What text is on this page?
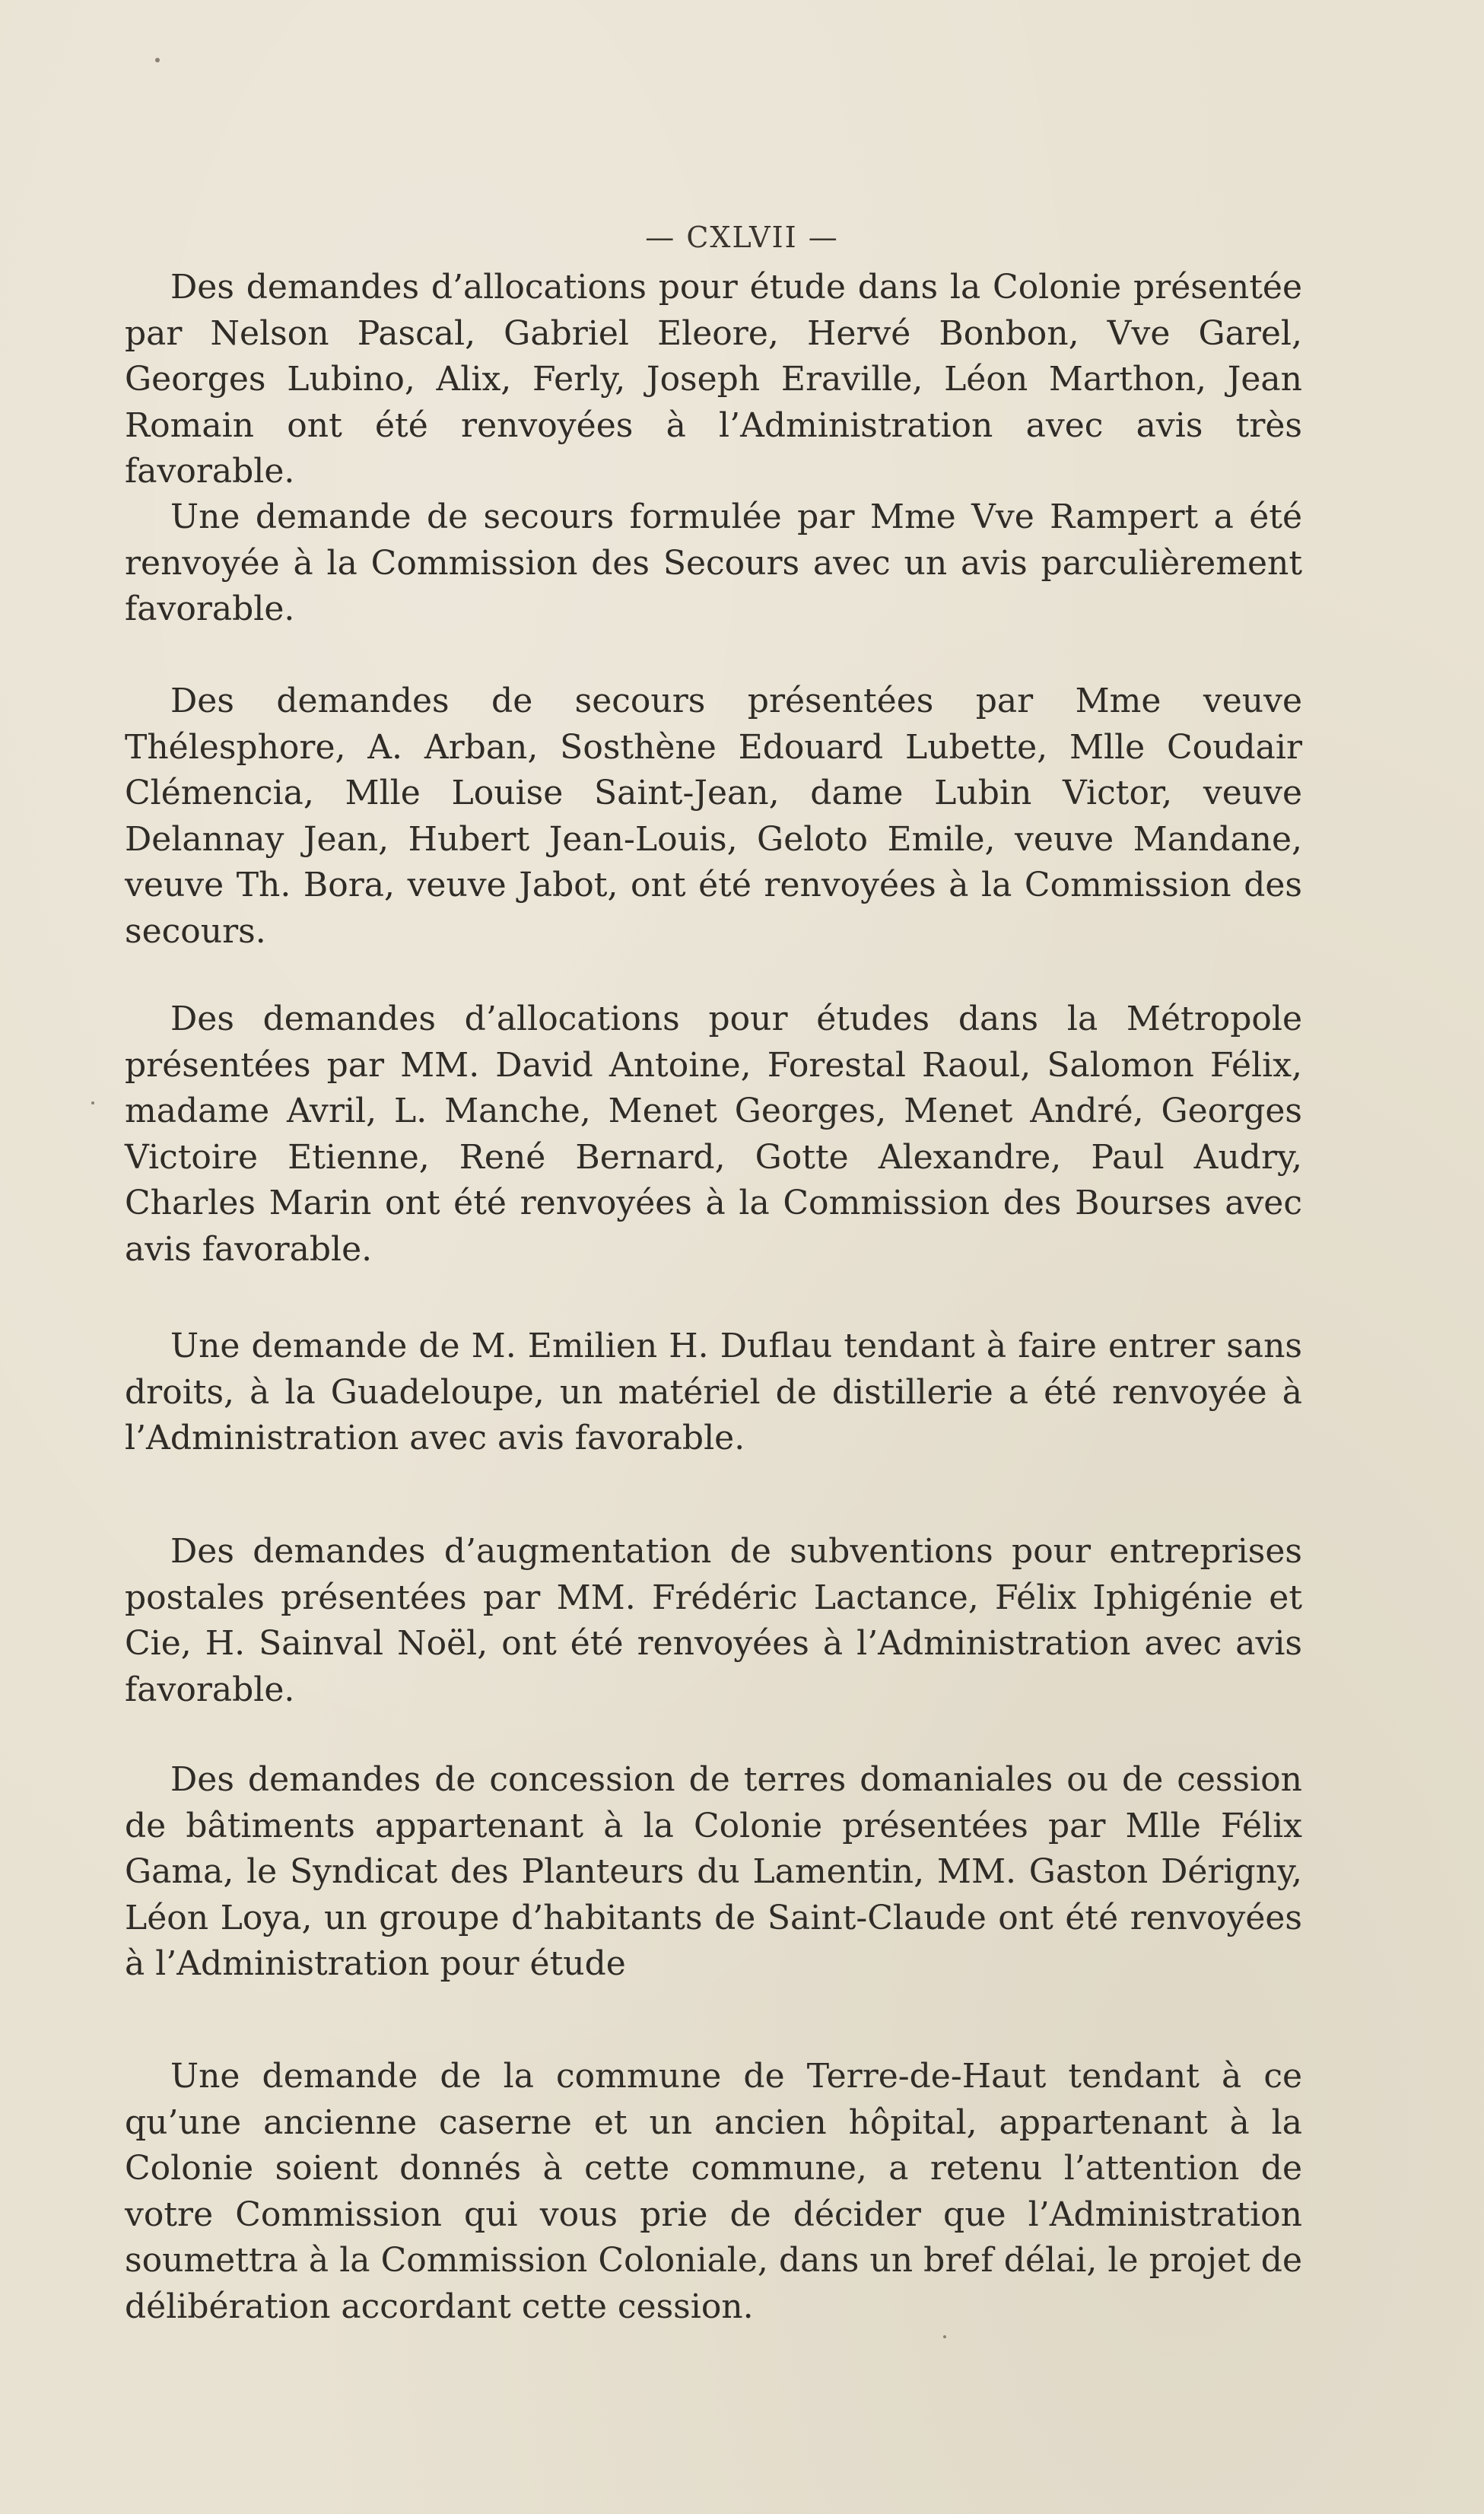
— CXLVII —
Des demandes d’allocations pour étude dans la Colonie présentée par Nelson Pascal, Gabriel Eleore, Hervé Bonbon, Vve Garel, Georges Lubino, Alix, Ferly, Joseph Eraville, Léon Marthon, Jean Romain ont été renvoyées à l’Administration avec avis très favorable.
Une demande de secours formulée par Mme Vve Rampert a été renvoyée à la Commission des Secours avec un avis parculièrement favorable.
Des demandes de secours présentées par Mme veuve Thélesphore, A. Arban, Sosthène Edouard Lubette, Mlle Coudair Clémencia, Mlle Louise Saint-Jean, dame Lubin Victor, veuve Delannay Jean, Hubert Jean-Louis, Geloto Emile, veuve Mandane, veuve Th. Bora, veuve Jabot, ont été renvoyées à la Commission des secours.
Des demandes d’allocations pour études dans la Métropole présentées par MM. David Antoine, Forestal Raoul, Salomon Félix, madame Avril, L. Manche, Menet Georges, Menet André, Georges Victoire Etienne, René Bernard, Gotte Alexandre, Paul Audry, Charles Marin ont été renvoyées à la Commission des Bourses avec avis favorable.
Une demande de M. Emilien H. Duflau tendant à faire entrer sans droits, à la Guadeloupe, un matériel de distillerie a été renvoyée à l’Administration avec avis favorable.
Des demandes d’augmentation de subventions pour entreprises postales présentées par MM. Frédéric Lactance, Félix Iphigénie et Cie, H. Sainval Noël, ont été renvoyées à l’Administration avec avis favorable.
Des demandes de concession de terres domaniales ou de cession de bâtiments appartenant à la Colonie présentées par Mlle Félix Gama, le Syndicat des Planteurs du Lamentin, MM. Gaston Dérigny, Léon Loya, un groupe d’habitants de Saint-Claude ont été renvoyées à l’Administration pour étude
Une demande de la commune de Terre-de-Haut tendant à ce qu’une ancienne caserne et un ancien hôpital, appartenant à la Colonie soient donnés à cette commune, a retenu l’attention de votre Commission qui vous prie de décider que l’Administration soumettra à la Commission Coloniale, dans un bref délai, le projet de délibération accordant cette cession.
